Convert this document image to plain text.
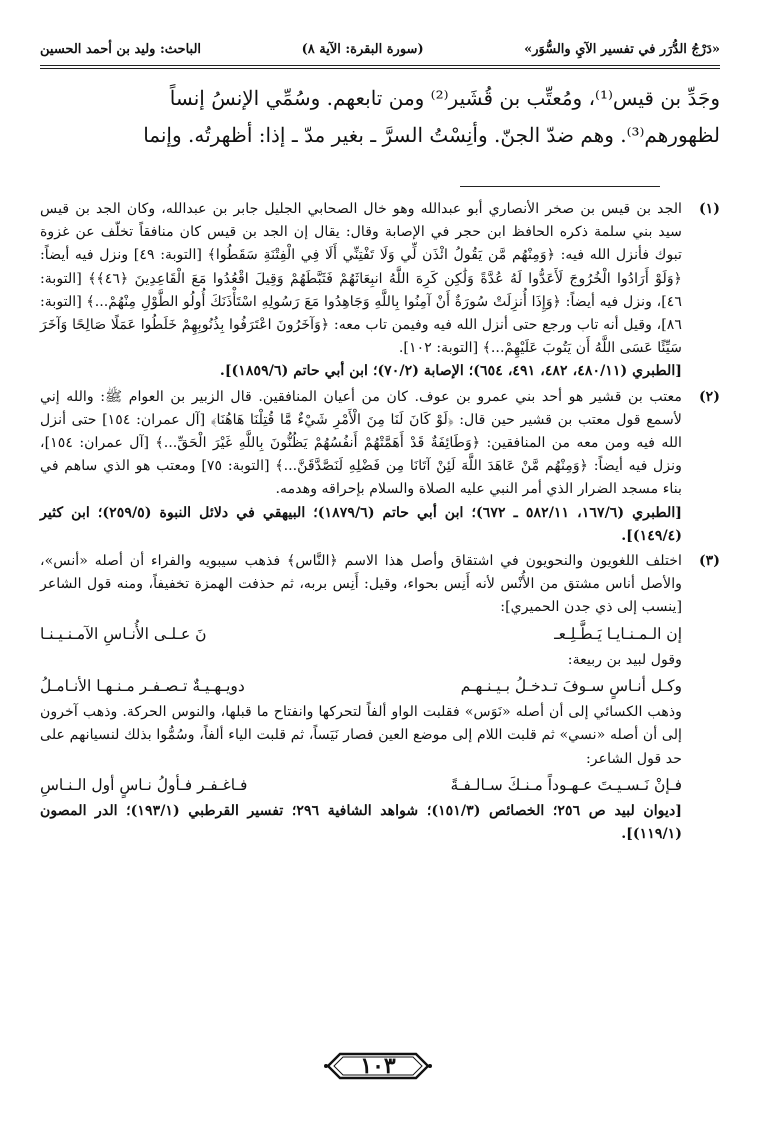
«دَرْجُ الدُّرَر في تفسير الآيِ والسُّوَر»
(سورة البقرة: الآية ٨)
الباحث: وليد بن أحمد الحسين

وجَدِّ بن قيس⁽¹⁾، ومُعتِّب بن قُشَير⁽²⁾ ومن تابعهم. وسُمِّي الإنسُ إنساً

لظهورهم⁽³⁾. وهم ضدّ الجنّ. وأنِسْتُ السرَّ ـ بغير مدّ ـ إذا: أظهرتُه. وإنما

(١)

الجد بن قيس بن صخر الأنصاري أبو عبدالله وهو خال الصحابي الجليل جابر بن عبدالله، وكان الجد بن قيس سيد بني سلمة ذكره الحافظ ابن حجر في الإصابة وقال: يقال إن الجد بن قيس كان منافقاً تخلّف عن غزوة تبوك فأنزل الله فيه: ﴿وَمِنْهُم مَّن يَقُولُ ائْذَن لِّي وَلَا تَفْتِنِّي أَلَا فِي الْفِتْنَةِ سَقَطُوا﴾ [التوبة: ٤٩] ونزل فيه أيضاً: ﴿وَلَوْ أَرَادُوا الْخُرُوجَ لَأَعَدُّوا لَهُ عُدَّةً وَلَٰكِن كَرِهَ اللَّهُ انبِعَاثَهُمْ فَثَبَّطَهُمْ وَقِيلَ اقْعُدُوا مَعَ الْقَاعِدِينَ ﴿٤٦﴾﴾ [التوبة: ٤٦]، ونزل فيه أيضاً: ﴿وَإِذَا أُنزِلَتْ سُورَةٌ أَنْ آمِنُوا بِاللَّهِ وَجَاهِدُوا مَعَ رَسُولِهِ اسْتَأْذَنَكَ أُولُو الطَّوْلِ مِنْهُمْ...﴾ [التوبة: ٨٦]، وقيل أنه تاب ورجع حتى أنزل الله فيه وفيمن تاب معه: ﴿وَآخَرُونَ اعْتَرَفُوا بِذُنُوبِهِمْ خَلَطُوا عَمَلًا صَالِحًا وَآخَرَ سَيِّئًا عَسَى اللَّهُ أَن يَتُوبَ عَلَيْهِمْ...﴾ [التوبة: ١٠٢].

[الطبري (٤٨٠/١١، ٤٨٢، ٤٩١، ٦٥٤)؛ الإصابة (٧٠/٢)؛ ابن أبي حاتم (١٨٥٩/٦)].

(٢)

معتب بن قشير هو أحد بني عمرو بن عوف. كان من أعيان المنافقين. قال الزبير بن العوام ﷺ: والله إني لأسمع قول معتب بن قشير حين قال: ﴿لَوْ كَانَ لَنَا مِنَ الْأَمْرِ شَيْءٌ مَّا قُتِلْنَا هَاهُنَا﴾ [آل عمران: ١٥٤] حتى أنزل الله فيه ومن معه من المنافقين: ﴿وَطَائِفَةٌ قَدْ أَهَمَّتْهُمْ أَنفُسُهُمْ يَظُنُّونَ بِاللَّهِ غَيْرَ الْحَقِّ...﴾ [آل عمران: ١٥٤]، ونزل فيه أيضاً: ﴿وَمِنْهُم مَّنْ عَاهَدَ اللَّهَ لَئِنْ آتَانَا مِن فَضْلِهِ لَنَصَّدَّقَنَّ...﴾ [التوبة: ٧٥] ومعتب هو الذي ساهم في بناء مسجد الضرار الذي أمر النبي عليه الصلاة والسلام بإحراقه وهدمه.

[الطبري (١٦٧/٦، ٥٨٢/١١ ـ ٦٧٢)؛ ابن أبي حاتم (١٨٧٩/٦)؛ البيهقي في دلائل النبوة (٢٥٩/٥)؛ ابن كثير (١٤٩/٤)].

(٣)

اختلف اللغويون والنحويون في اشتقاق وأصل هذا الاسم ﴿النَّاس﴾ فذهب سيبويه والفراء أن أصله «أنس»، والأصل أناس مشتق من الأُنْس لأنه أَنِس بحواء، وقيل: أَنِس بربه، ثم حذفت الهمزة تخفيفاً، ومنه قول الشاعر [ينسب إلى ذي جدن الحميري]:

إن الـمـنـايـا يَـطَّـلِـعـ
نَ عـلـى الأُنـاسِ الآمـنـيـنـا

وقول لبيد بن ربيعة:

وكـل أنـاسٍ سـوفَ تـدخـلُ بـيـنـهـم
دويـهـيـةٌ تـصـفـر مـنـهـا الأنـامـلُ

وذهب الكسائي إلى أن أصله «نَوَس» فقلبت الواو ألفاً لتحركها وانفتاح ما قبلها، والنوس الحركة. وذهب آخرون إلى أن أصله «نسي» ثم قلبت اللام إلى موضع العين فصار نَيَساً، ثم قلبت الياء ألفاً، وسُمُّوا بذلك لنسيانهم على حد قول الشاعر:

فـإنْ نَـسـيـتَ عـهـوداً مـنـكَ سـالـفـةً
فـاغـفـر فـأولُ نـاسٍ أول الـنـاسِ

[ديوان لبيد ص ٢٥٦؛ الخصائص (١٥١/٣)؛ شواهد الشافية ٢٩٦؛ تفسير القرطبي (١٩٣/١)؛ الدر المصون (١١٩/١)].

١٠٣
